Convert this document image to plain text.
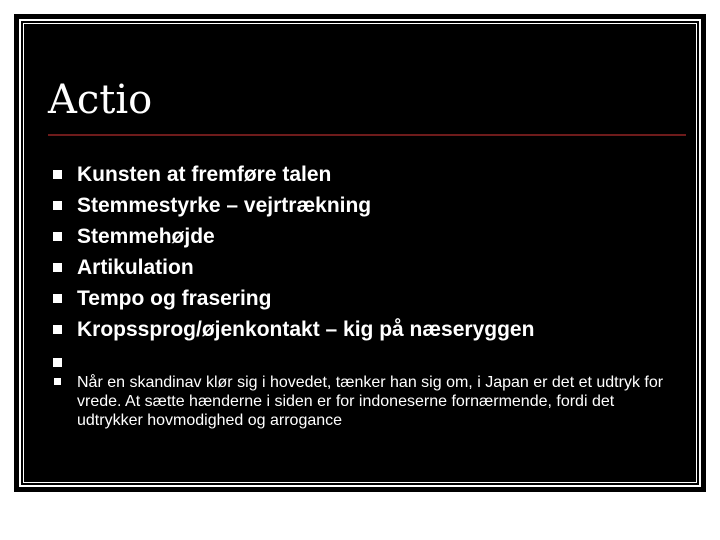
Actio
Kunsten at fremføre talen
Stemmestyrke – vejrtrækning
Stemmehøjde
Artikulation
Tempo og frasering
Kropssprog/øjenkontakt – kig på næseryggen
Når en skandinav klør sig i hovedet, tænker han sig om, i Japan er det et udtryk for vrede. At sætte hænderne i siden er for indoneserne fornærmende, fordi det udtrykker hovmodighed og arrogance
